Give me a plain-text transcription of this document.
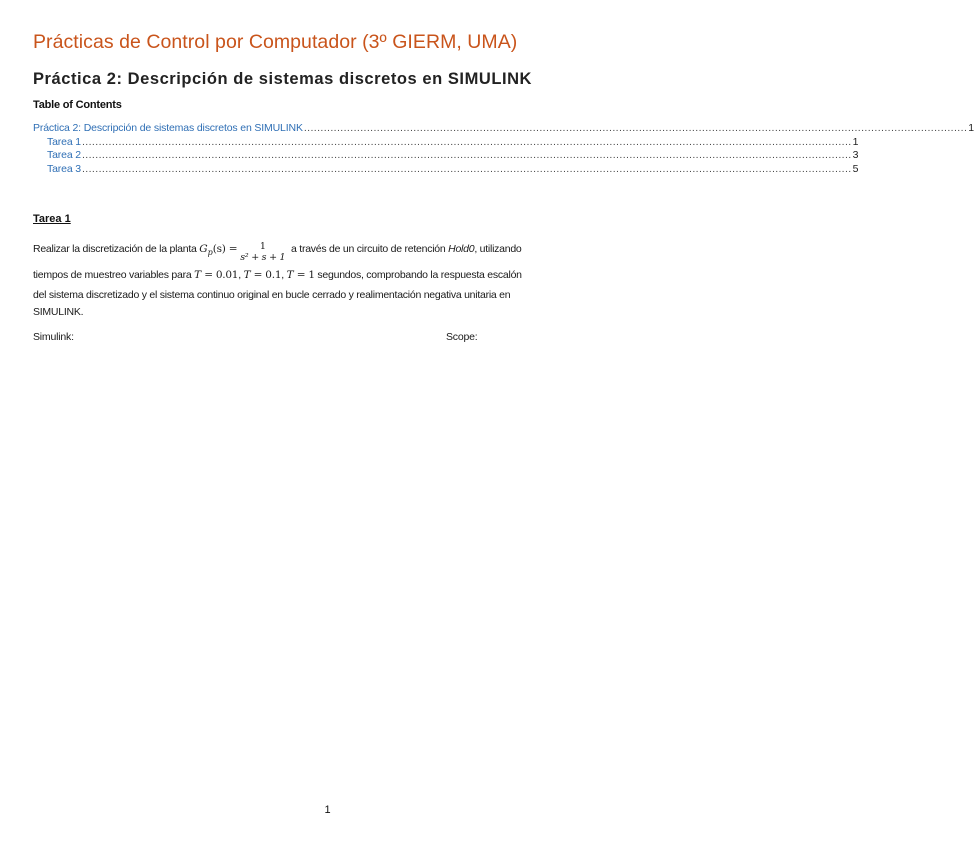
Prácticas de Control por Computador (3º GIERM, UMA)
Práctica 2: Descripción de sistemas discretos en SIMULINK
Table of Contents
Práctica 2: Descripción de sistemas discretos en SIMULINK ........................................................................................................................................................................................................ 1
Tarea 1 ........................................................................................................................................................................................................................................ 1
Tarea 2 ........................................................................................................................................................................................................................................ 3
Tarea 3 ........................................................................................................................................................................................................................................ 5
Tarea 1
Realizar la discretización de la planta $G_p(s)$ =	1
s² + s + 1
a través de un circuito de retención Hold0, utilizando
tiempos de muestreo variables para T = 0.01, T = 0.1, T = 1 segundos, comprobando la respuesta escalón
del sistema discretizado y el sistema continuo original en bucle cerrado y realimentación negativa unitaria en
SIMULINK.
Simulink:	Scope:
1
